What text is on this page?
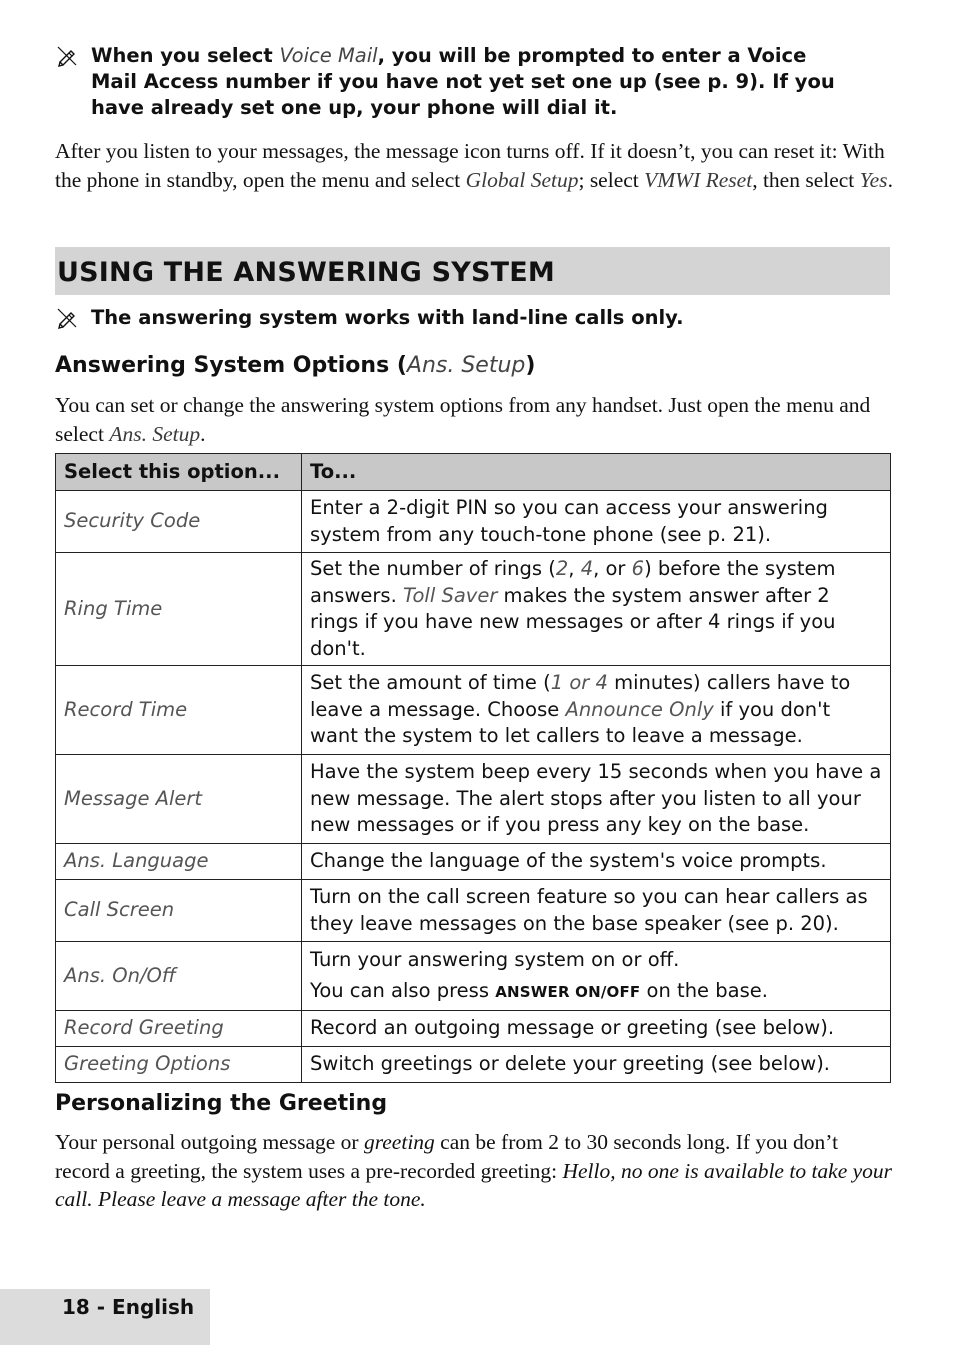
When you select Voice Mail, you will be prompted to enter a Voice Mail Access number if you have not yet set one up (see p. 9). If you have already set one up, your phone will dial it.
After you listen to your messages, the message icon turns off. If it doesn’t, you can reset it: With the phone in standby, open the menu and select Global Setup; select VMWI Reset, then select Yes.
USING THE ANSWERING SYSTEM
The answering system works with land-line calls only.
Answering System Options (Ans. Setup)
You can set or change the answering system options from any handset. Just open the menu and select Ans. Setup.
Select this option...	To...
Security Code	Enter a 2-digit PIN so you can access your answering system from any touch-tone phone (see p. 21).
Ring Time	Set the number of rings (2, 4, or 6) before the system answers. Toll Saver makes the system answer after 2 rings if you have new messages or after 4 rings if you don't.
Record Time	Set the amount of time (1 or 4 minutes) callers have to leave a message. Choose Announce Only if you don't want the system to let callers to leave a message.
Message Alert	Have the system beep every 15 seconds when you have a new message. The alert stops after you listen to all your new messages or if you press any key on the base.
Ans. Language	Change the language of the system's voice prompts.
Call Screen	Turn on the call screen feature so you can hear callers as they leave messages on the base speaker (see p. 20).
Ans. On/Off	Turn your answering system on or off.
You can also press ANSWER ON/OFF on the base.

Record Greeting	Record an outgoing message or greeting (see below).
Greeting Options	Switch greetings or delete your greeting (see below).
Personalizing the Greeting
Your personal outgoing message or greeting can be from 2 to 30 seconds long. If you don’t record a greeting, the system uses a pre-recorded greeting: Hello, no one is available to take your call. Please leave a message after the tone.
18 - English
